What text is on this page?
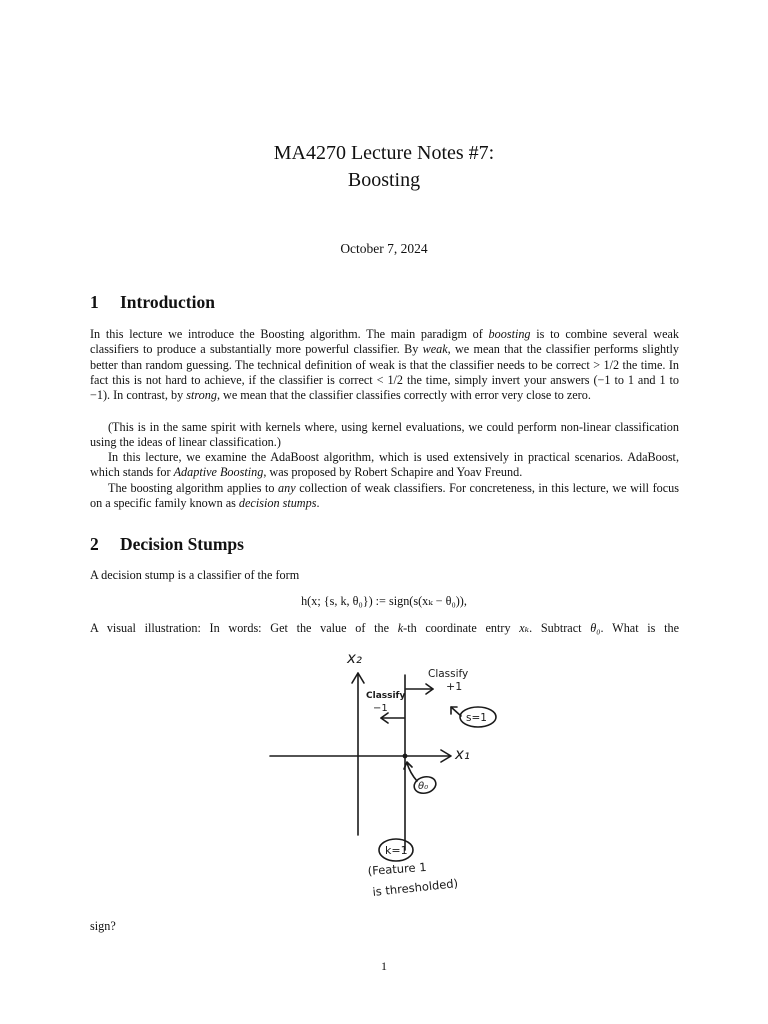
MA4270 Lecture Notes #7:
Boosting
October 7, 2024
1 Introduction
In this lecture we introduce the Boosting algorithm. The main paradigm of boosting is to combine several weak classifiers to produce a substantially more powerful classifier. By weak, we mean that the classifier performs slightly better than random guessing. The technical definition of weak is that the classifier needs to be correct > 1/2 the time. In fact this is not hard to achieve, if the classifier is correct < 1/2 the time, simply invert your answers (−1 to 1 and 1 to −1). In contrast, by strong, we mean that the classifier classifies correctly with error very close to zero.
(This is in the same spirit with kernels where, using kernel evaluations, we could perform non-linear classification using the ideas of linear classification.)
In this lecture, we examine the AdaBoost algorithm, which is used extensively in practical scenarios. AdaBoost, which stands for Adaptive Boosting, was proposed by Robert Schapire and Yoav Freund.
The boosting algorithm applies to any collection of weak classifiers. For concreteness, in this lecture, we will focus on a specific family known as decision stumps.
2 Decision Stumps
A decision stump is a classifier of the form
h(x; {s, k, θ₀}) := sign(s(xₖ − θ₀)),
A visual illustration: In words: Get the value of the k-th coordinate entry xₖ. Subtract θ₀. What is the
x₂
x₁
Classify
+1
Classify
−1
s=1
θ₀
k=1
(Feature 1
is thresholded)
sign?
1
